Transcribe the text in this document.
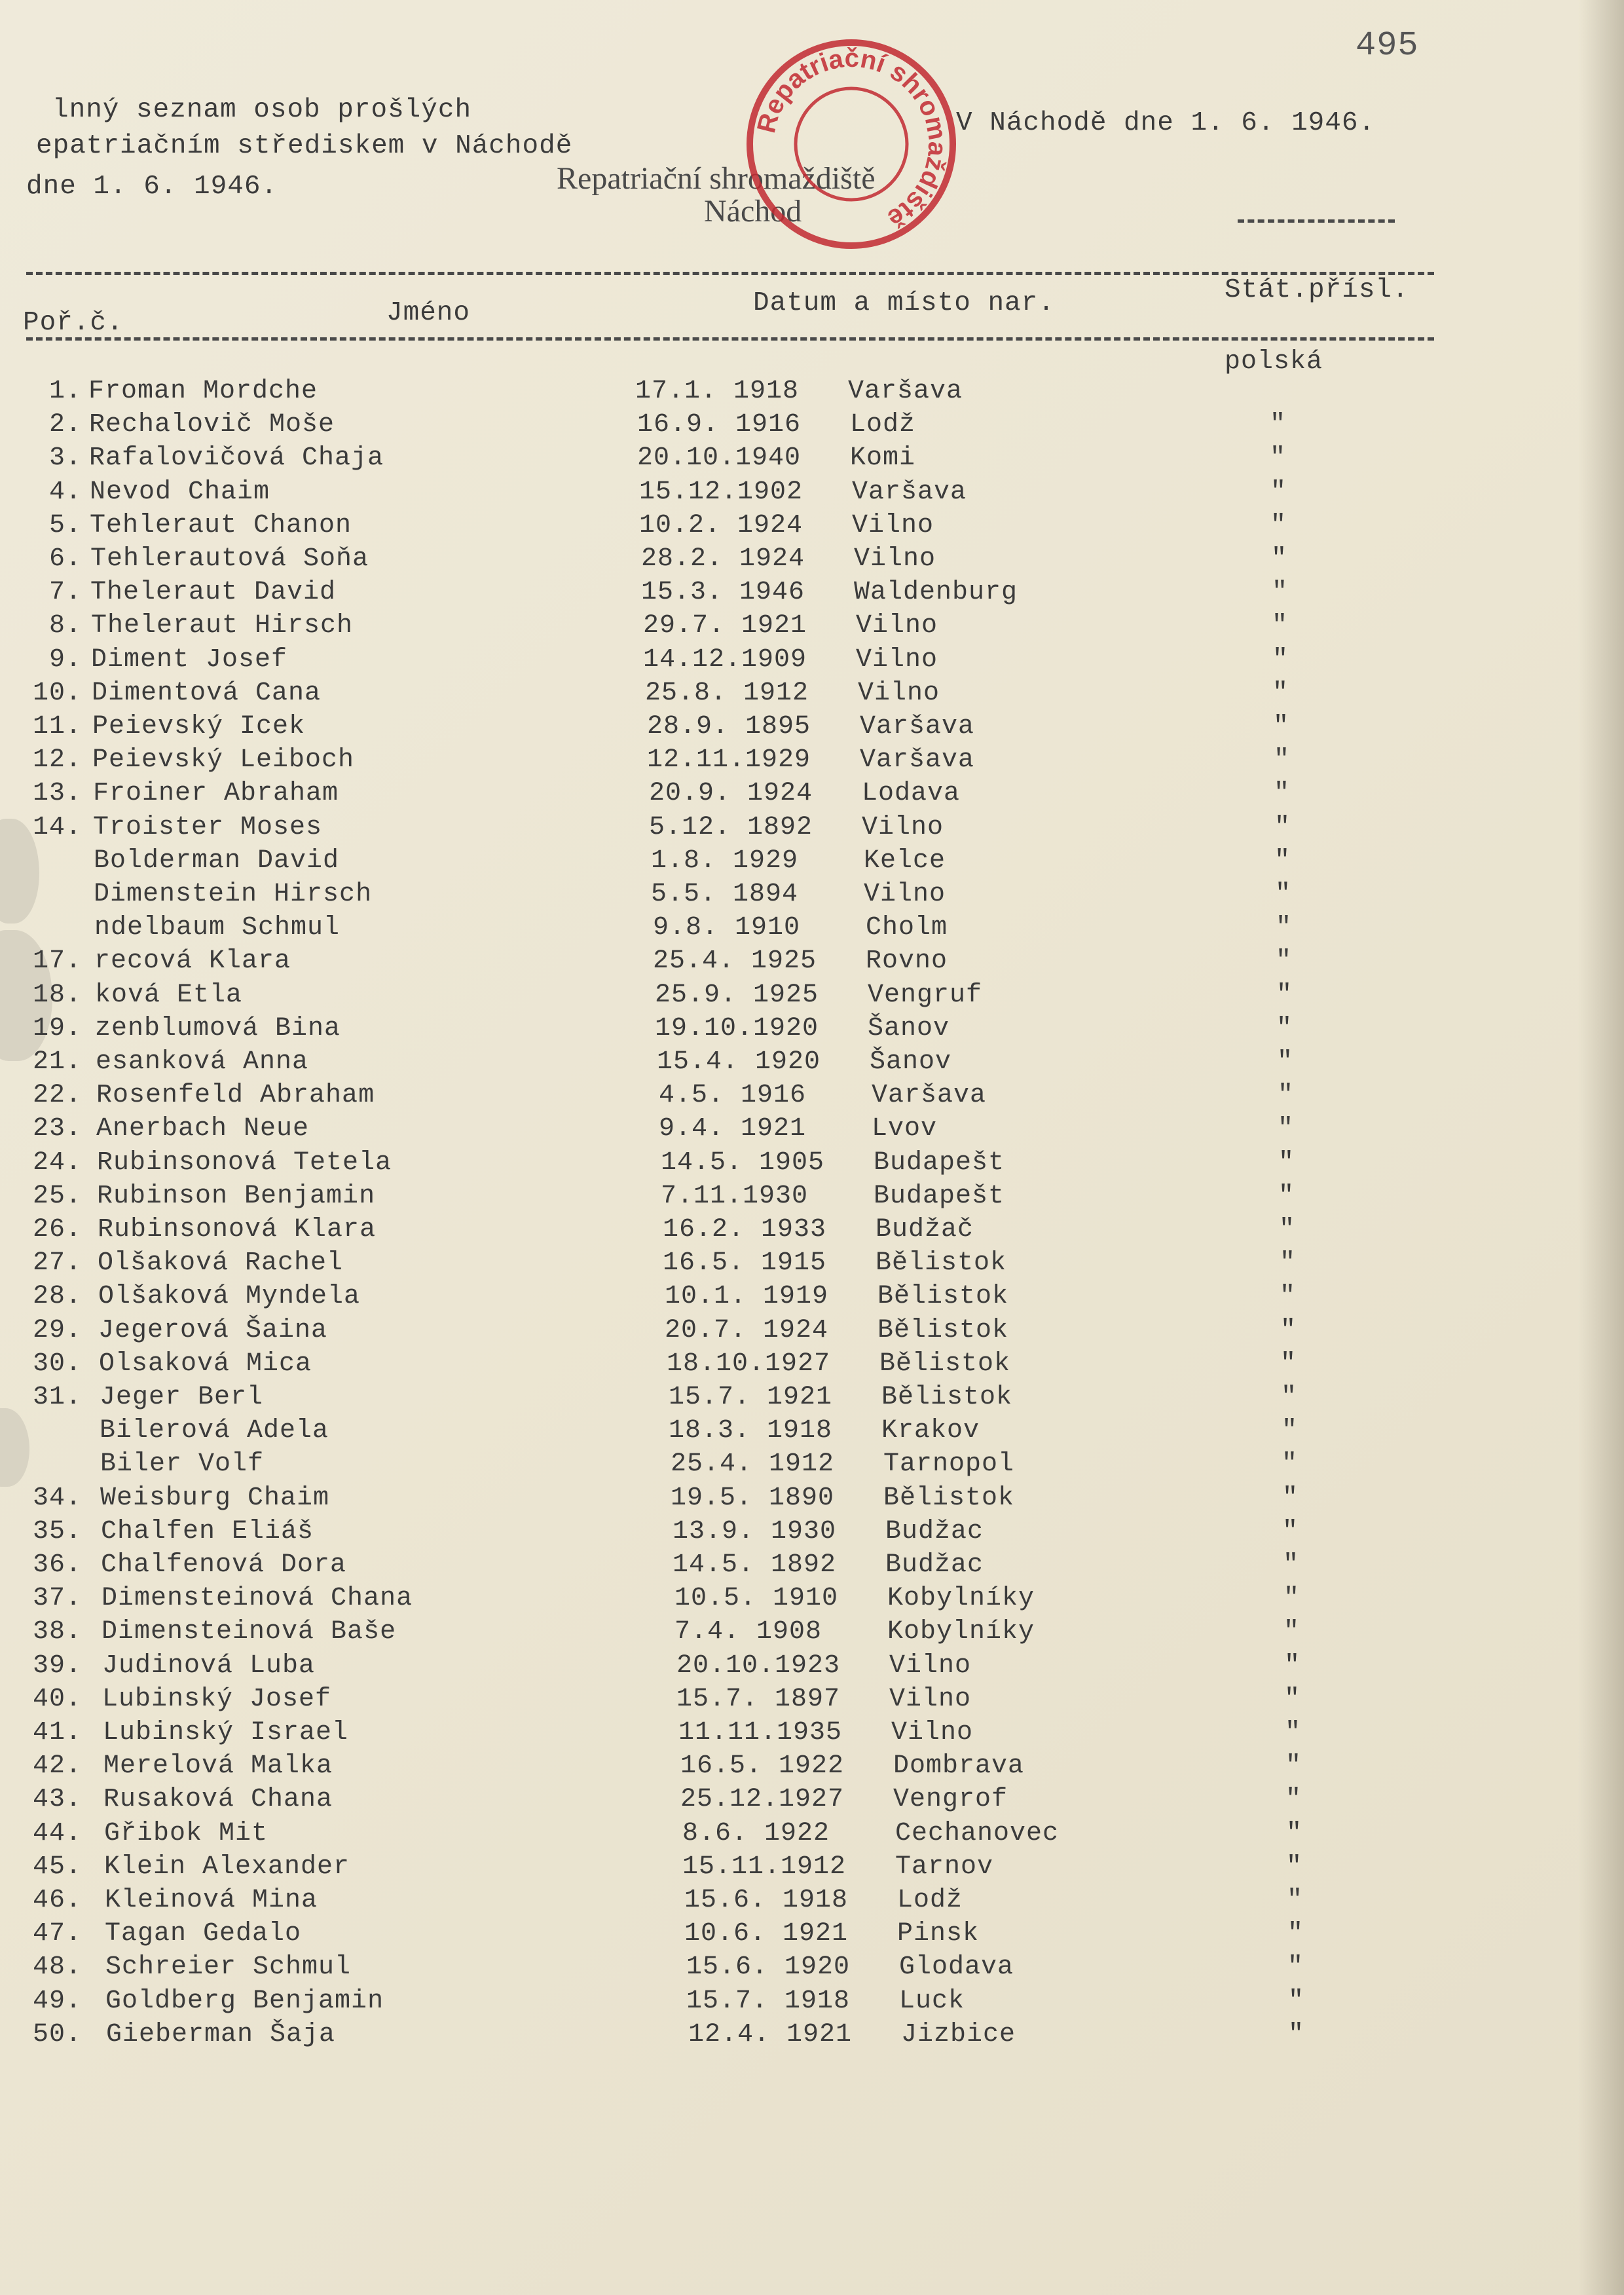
495
lnný seznam osob prošlých
epatriačním střediskem v Náchodě
dne 1. 6. 1946.	Repatriační shromaždiště
Náchod
Repatriační shromaždiště
V Náchodě dne 1. 6. 1946.
Poř.č.	Jméno	Datum a místo nar.	Stát.přísl.
polská
1. Froman Mordche	17.1. 1918 Varšava
2. Rechalovič Moše	16.9. 1916 Lodž	"
3. Rafalovičová Chaja	20.10.1940 Komi	"
4. Nevod Chaim	15.12.1902 Varšava	"
5. Tehleraut Chanon	10.2. 1924 Vilno	"
6. Tehlerautová Soňa	28.2. 1924 Vilno	"
7. Theleraut David	15.3. 1946 Waldenburg	"
8. Theleraut Hirsch	29.7. 1921 Vilno	"
9. Diment Josef	14.12.1909 Vilno	"
10. Dimentová Cana	25.8. 1912 Vilno	"
11. Peievský Icek	28.9. 1895 Varšava	"
12. Peievský Leiboch	12.11.1929 Varšava	"
13. Froiner Abraham	20.9. 1924 Lodava	"
14. Troister Moses	5.12. 1892 Vilno	"
Bolderman David	1.8. 1929 Kelce	"
Dimenstein Hirsch	5.5. 1894 Vilno	"
ndelbaum Schmul	9.8. 1910 Cholm	"
17. recová Klara	25.4. 1925 Rovno	"
18. ková Etla	25.9. 1925 Vengruf	"
19. zenblumová Bina	19.10.1920 Šanov	"
21. esanková Anna	15.4. 1920 Šanov	"
22. Rosenfeld Abraham	4.5. 1916 Varšava	"
23. Anerbach Neue	9.4. 1921 Lvov	"
24. Rubinsonová Tetela	14.5. 1905 Budapešt	"
25. Rubinson Benjamin	7.11.1930 Budapešt	"
26. Rubinsonová Klara	16.2. 1933 Budžač	"
27. Olšaková Rachel	16.5. 1915 Bělistok	"
28. Olšaková Myndela	10.1. 1919 Bělistok	"
29. Jegerová Šaina	20.7. 1924 Bělistok	"
30. Olsaková Mica	18.10.1927 Bělistok	"
31. Jeger Berl	15.7. 1921 Bělistok	"
Bilerová Adela	18.3. 1918 Krakov	"
Biler Volf	25.4. 1912 Tarnopol	"
34. Weisburg Chaim	19.5. 1890 Bělistok	"
35. Chalfen Eliáš	13.9. 1930 Budžac	"
36. Chalfenová Dora	14.5. 1892 Budžac	"
37. Dimensteinová Chana	10.5. 1910 Kobylníky	"
38. Dimensteinová Baše	7.4. 1908 Kobylníky	"
39. Judinová Luba	20.10.1923 Vilno	"
40. Lubinský Josef	15.7. 1897 Vilno	"
41. Lubinský Israel	11.11.1935 Vilno	"
42. Merelová Malka	16.5. 1922 Dombrava	"
43. Rusaková Chana	25.12.1927 Vengrof	"
44. Gřibok Mit	8.6. 1922 Cechanovec	"
45. Klein Alexander	15.11.1912 Tarnov	"
46. Kleinová Mina	15.6. 1918 Lodž	"
47. Tagan Gedalo	10.6. 1921 Pinsk	"
48. Schreier Schmul	15.6. 1920 Glodava	"
49. Goldberg Benjamin	15.7. 1918 Luck	"
50. Gieberman Šaja	12.4. 1921 Jizbice	"
